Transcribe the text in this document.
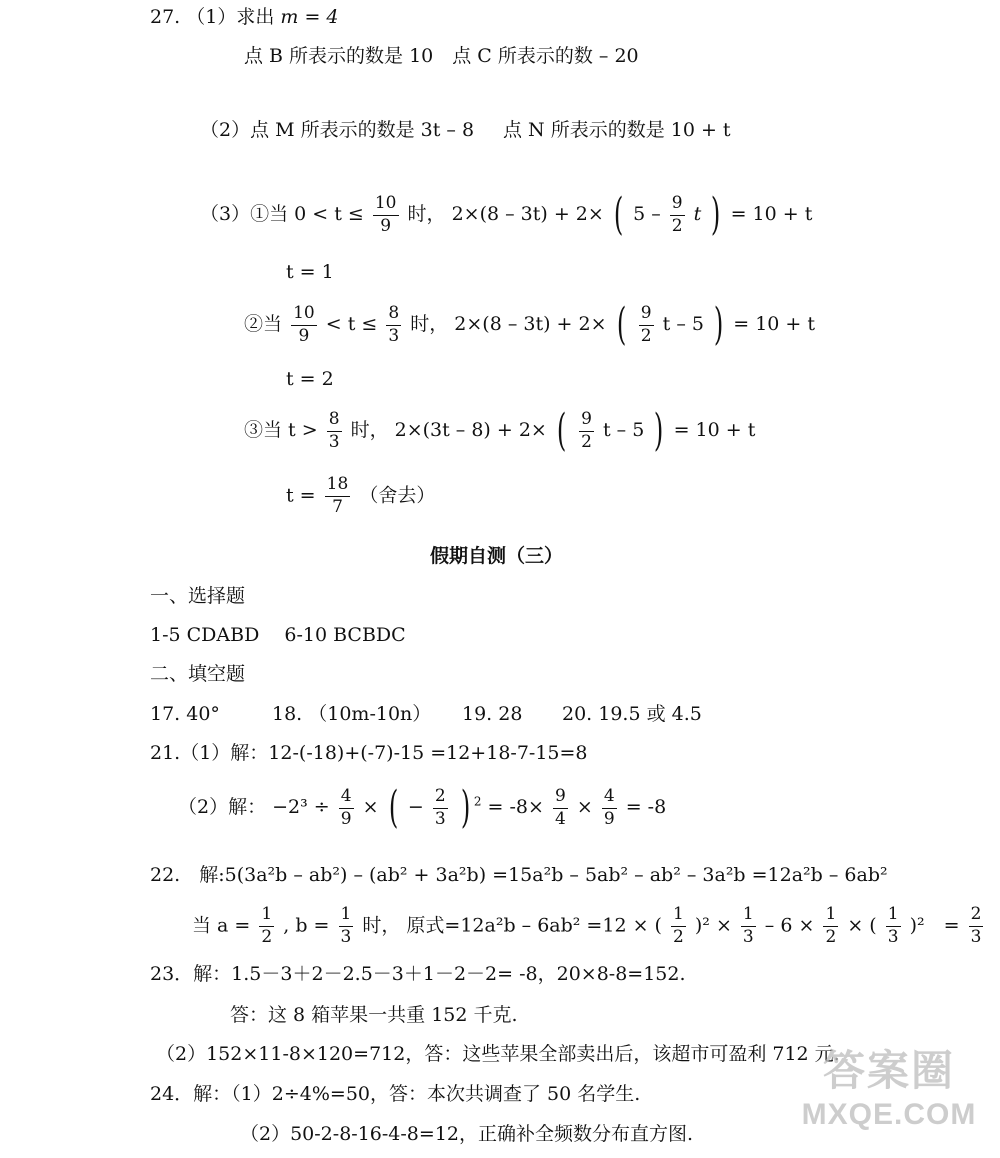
27. （1）求出 m = 4
点 B 所表示的数是 10　点 C 所表示的数 – 20
（2）点 M 所表示的数是 3t – 8 点 N 所表示的数是 10 + t
（3）①当 $0 < t \le \frac{10}{9}$ 时， 2×(8 – 3t) + 2× ( $5 - \frac{9}{2}$ t ) = 10 + t
t = 1
②当 $\frac{10}{9} < t \le \frac{8}{3}$ 时， 2×(8 – 3t) + 2× ( $\frac{9}{2}$ t – 5 ) = 10 + t
t = 2
③当 $t > \frac{8}{3}$ 时， 2×(3t – 8) + 2× ( $\frac{9}{2}$ t – 5 ) = 10 + t
$t = \frac{18}{7}$ （舍去）
假期自测（三）
一、选择题
1-5 CDABD　 6-10 BCBDC
二、填空题
17. 40°	18. （10m-10n） 19. 28 20. 19.5 或 4.5
21.（1）解：12-(-18)+(-7)-15 =12+18-7-15=8
（2）解： $-2^3 \div \frac{4}{9}$ × ( − $\frac{2}{3}$ ) $^2 = -8\times \frac{9}{4} \times \frac{4}{9} = -8$
22.　解:5(3a²b – ab²) – (ab² + 3a²b) =15a²b – 5ab² – ab² – 3a²b =12a²b – 6ab²
当 $a = \frac{1}{2}$ , $b = \frac{1}{3}$ 时， 原式=12a²b – 6ab² =12 × ( $\frac{1}{2} )^2 \times \frac{1}{3} - 6 \times \frac{1}{2}$ × ( $\frac{1}{3} )^2$　= $\frac{2}{3}$
23．解：1.5－3＋2－2.5－3＋1－2－2= -8，20×8-8=152.
答：这 8 箱苹果一共重 152 千克.
（2）152×11-8×120=712，答：这些苹果全部卖出后，该超市可盈利 712 元.
24．解：（1）2÷4%=50，答：本次共调查了 50 名学生.
（2）50-2-8-16-4-8=12，正确补全频数分布直方图.
答案圈
MXQE.COM
